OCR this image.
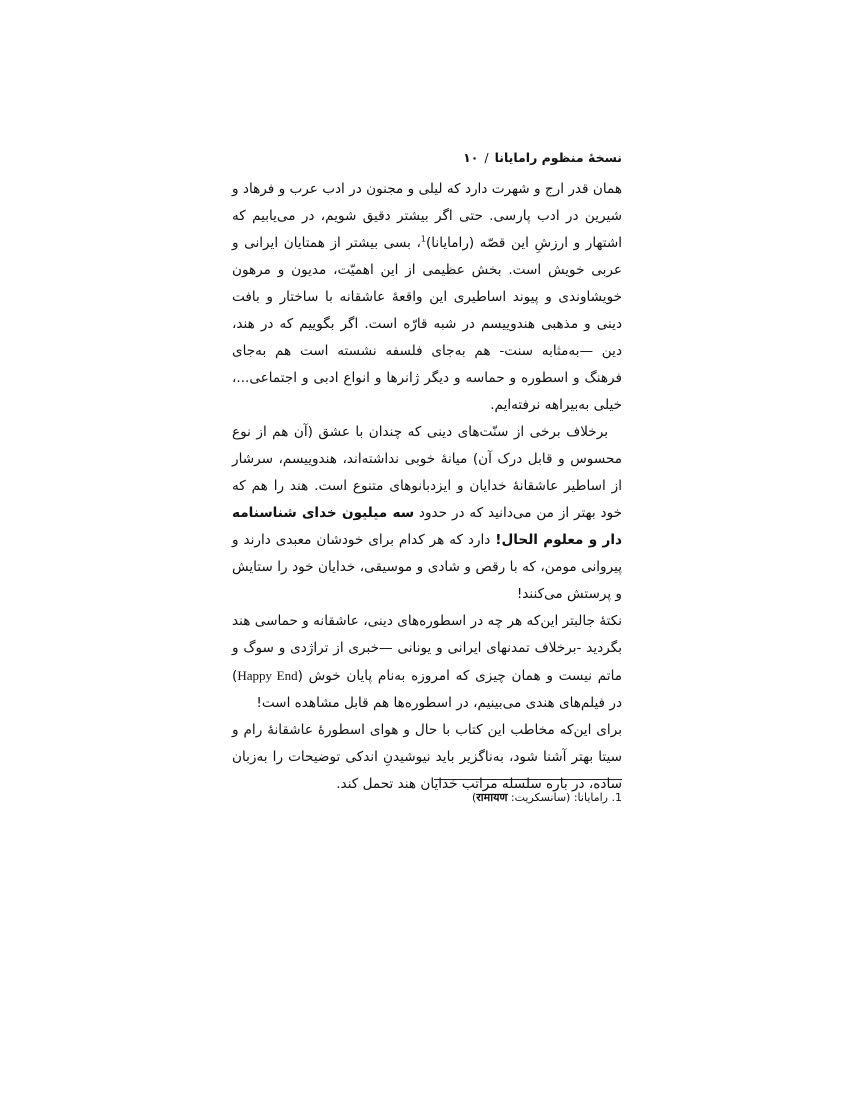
نسخهٔ منظوم رامایانا/۱۰

همان قدر ارج و شهرت دارد که لیلی و مجنون در ادب عرب و فرهاد و شیرین در ادب پارسی. حتی اگر بیشتر دقیق شویم، در می‌یابیم که اشتهار و ارزشِ این قصّه (رامایانا)$^1$، بسی بیشتر از همتایان ایرانی و عربی خویش است. بخش عظیمی از این اهمیّت، مدیون و مرهون خویشاوندی و پیوند اساطیری این واقعهٔ عاشقانه با ساختار و بافت دینی و مذهبی هندوییسم در شبه قارّه است. اگر بگوییم که در هند، دین —به‌مثابه سنت- هم به‌جای فلسفه نشسته است هم به‌جای فرهنگ و اسطوره و حماسه و دیگر ژانرها و انواع ادبی و اجتماعی...، خیلی به‌بیراهه نرفته‌ایم.

برخلاف برخی از سنّت‌های دینی که چندان با عشق (آن هم از نوع محسوس و قابل درک آن) میانهٔ خوبی نداشته‌اند، هندوییسم، سرشار از اساطیر عاشقانهٔ خدایان و ایزدبانوهای متنوع است. هند را هم که خود بهتر از من می‌دانید که در حدود سه میلیون خدای شناسنامه دار و معلوم الحال! دارد که هر کدام برای خودشان معبدی دارند و پیروانی مومن، که با رقص و شادی و موسیقی، خدایان خود را ستایش و پرستش می‌کنند!

نکتهٔ جالبتر این‌که هر چه در اسطوره‌های دینی، عاشقانه و حماسی هند بگردید -برخلاف تمدنهای ایرانی و یونانی —خبری از تراژدی و سوگ و ماتم نیست و همان چیزی که امروزه به‌نام پایان خوش (Happy End) در فیلم‌های هندی می‌بینیم، در اسطوره‌ها هم قابل مشاهده است!

برای این‌که مخاطب این کتاب با حال و هوای اسطورهٔ عاشقانهٔ رام و سیتا بهتر آشنا شود، به‌ناگزیر باید نیوشیدنِ اندکی توضیحات را به‌زبان ساده، در باره سلسله مراتب خدایان هند تحمل کند.

1. رامایانا: (سانسکریت: रामायण)
